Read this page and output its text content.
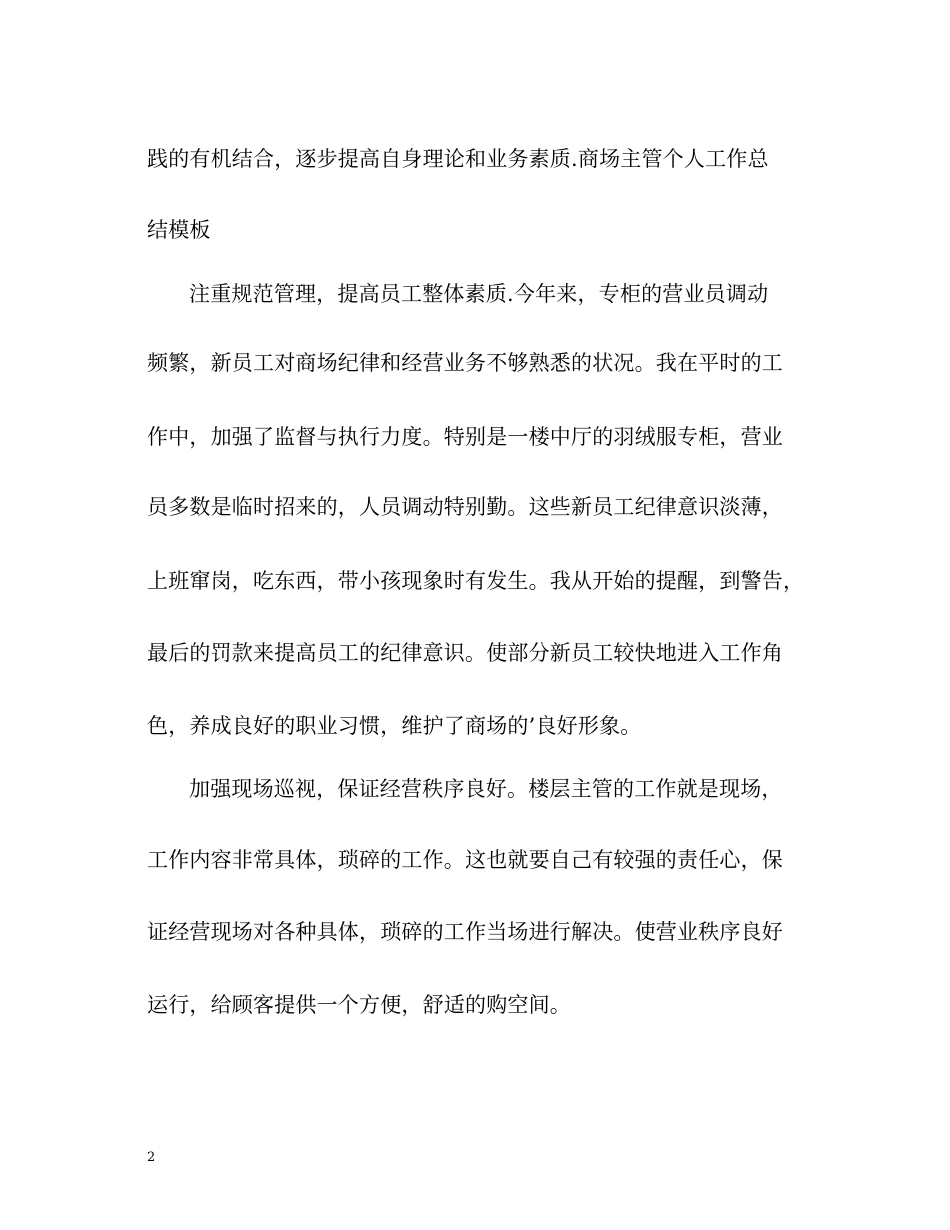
践的有机结合，逐步提高自身理论和业务素质.商场主管个人工作总
结模板
注重规范管理，提高员工整体素质.今年来，专柜的营业员调动
频繁，新员工对商场纪律和经营业务不够熟悉的状况。我在平时的工
作中，加强了监督与执行力度。特别是一楼中厅的羽绒服专柜，营业
员多数是临时招来的，人员调动特别勤。这些新员工纪律意识淡薄，
上班窜岗，吃东西，带小孩现象时有发生。我从开始的提醒，到警告，
最后的罚款来提高员工的纪律意识。使部分新员工较快地进入工作角
色，养成良好的职业习惯，维护了商场的’良好形象。
加强现场巡视，保证经营秩序良好。楼层主管的工作就是现场，
工作内容非常具体，琐碎的工作。这也就要自己有较强的责任心，保
证经营现场对各种具体，琐碎的工作当场进行解决。使营业秩序良好
运行，给顾客提供一个方便，舒适的购空间。
2
